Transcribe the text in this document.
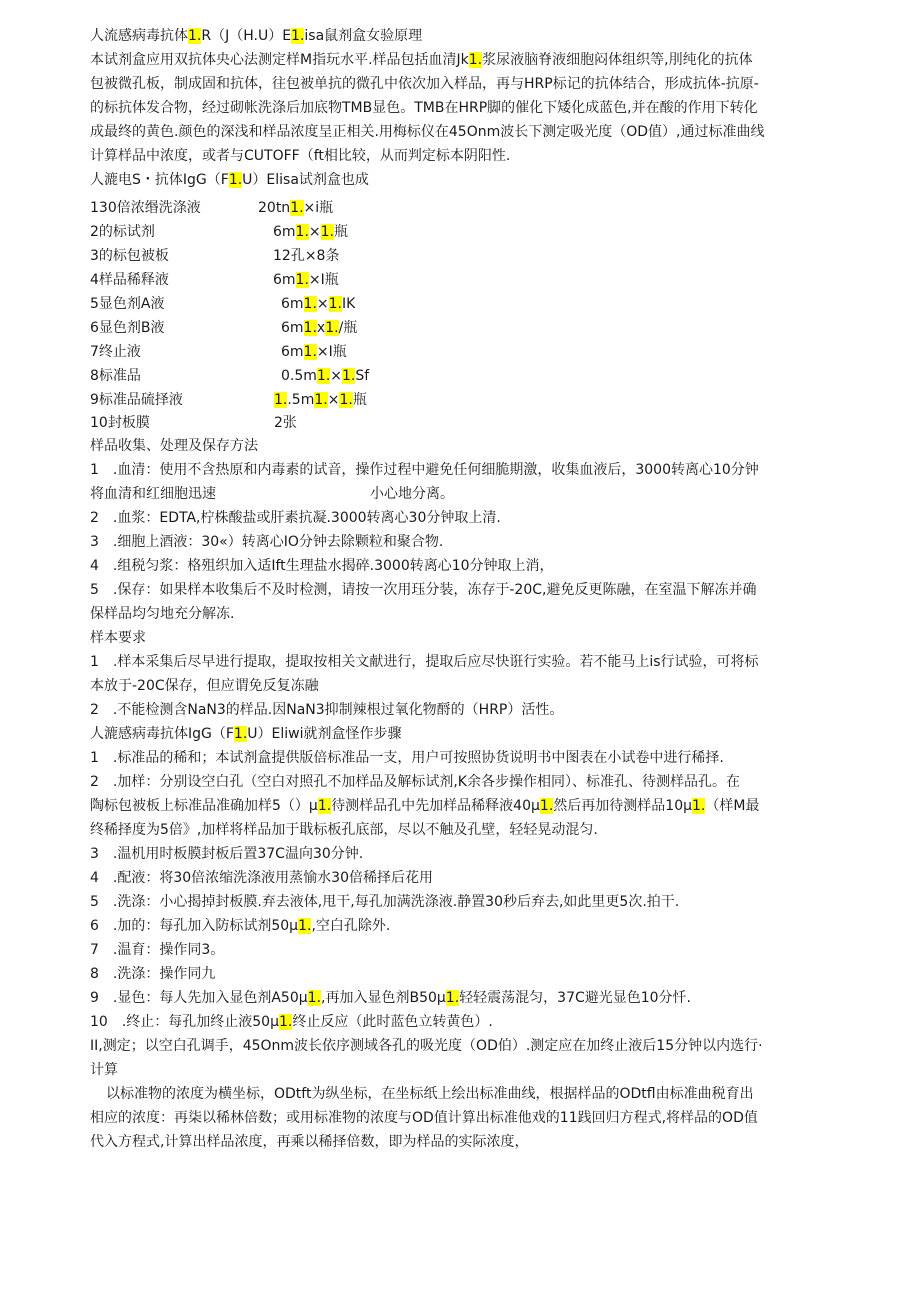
人流感病毒抗体1.R（J（H.U）E1.isa鼠剂盒女验原理
本试剂盒应用双抗体央心法测定样M指玩水平.样品包括血清Jk1.浆尿液脑脊液细胞闷体组织等,刖纯化的抗体
包被微孔板，制成固和抗体，往包被单抗的微孔中依次加入样品，再与HRP标记的抗体结合，形成抗体-抗原-
的标抗体发合物，经过砌帐洗涤后加底物TMB显色。TMB在HRP脚的催化下矮化成蓝色,并在酸的作用下转化
成最终的黄色.颜色的深浅和样品浓度呈正相关.用梅标仪在45Onm波长下测定吸光度（OD值）,通过标准曲线
计算样品中浓度，或者与CUTOFF（ft相比较，从而判定标本阴阳性.
人漉电S・抗体IgG（F1.U）Elisa试剂盒也成
130倍浓缗洗涤液	20tn1.×i瓶
2的标试剂	6m1.×1.瓶
3的标包被板	12孔×8条
4样品稀释液	6m1.×I瓶
5显色剂A液	6m1.×1.IK
6显色剂B液	6m1.x1./瓶
7终止液	6m1.×I瓶
8标准品	0.5m1.×1.Sf
9标准品硫择液	1..5m1.×1.瓶
10封板膜	2张
样品收集、处理及保存方法
1　.血清：使用不含热原和内毒素的试音，操作过程中避免任何细脆期激，收集血液后，3000转离心10分钟
将血清和红细胞迅速	小心地分离。
2　.血浆：EDTA,柠株酸盐或肝素抗凝.3000转离心30分钟取上清.
3　.细胞上酒液：30«）转离心IO分钟去除颗粒和聚合物.
4　.组税匀浆：格殂织加入适Ift生理盐水揭碎.3000转离心10分钟取上消，
5　.保存：如果样本收集后不及时检测，请按一次用珏分装，冻存于-20C,避免反更陈融，在室温下解冻并确
保样品均匀地充分解冻.
样本要求
1　.样本采集后尽早进行提取，提取按相关文献进行，提取后应尽快诳行实验。若不能马上is行试验，可将标
本放于-20C保存，但应谓免反复冻融
2　.不能检测含NaN3的样品.因NaN3抑制辣根过氧化物酹的（HRP）活性。
人漉感病毒抗体IgG（F1.U）Eliwi就剂盒怪作步骤
1　.标准品的稀和；本试剂盒提供版倍标准品一支，用户可按照协货说明书中图表在小试卷中进行稀择.
2　.加样：分别设空白孔（空白对照孔不加样品及解标试剂,K余各步操作相同）、标准孔、待测样品孔。在
陶标包被板上标准品准确加样5（）μ1.待测样品孔中先加样品稀释液40μ1.然后再加待测样品10μ1.（样M最
终稀择度为5倍》,加样将样品加于戢标板孔底部，尽以不触及孔壁，轻轻晃动混匀.
3　.温机用时板膜封板后置37C温向30分钟.
4　.配液：将30倍浓缩洗涤液用蒸愉水30倍稀择后花用
5　.洗涤：小心揭掉封板膜.弃去液体,甩干,每孔加满洗涤液.静置30秒后弃去,如此里更5次.拍干.
6　.加的：每孔加入防标试剂50μ1.,空白孔除外.
7　.温育：操作同3。
8　.洗涤：操作同九
9　.显色：每人先加入显色剂A50μ1.,再加入显色剂B50μ1.轻轻震荡混匀，37C避光显色10分忏.
10　.终止：每孔加终止液50μ1.终止反应（此时蓝色立转黄色）.
II,测定；以空白孔调手，45Onm波长依序测域各孔的吸光度（OD伯）.测定应在加终止液后15分钟以内选行·
计算
以标准物的浓度为横坐标，ODtft为纵坐标，在坐标纸上绘出标准曲线，根据样品的ODtfl由标准曲税育出
相应的浓度：再柒以稀林倍数；或用标准物的浓度与OD值计算出标准他戏的11践回归方程式,将样品的OD值
代入方程式,计算出样品浓度，再乘以稀择倍数，即为样品的实际浓度，
